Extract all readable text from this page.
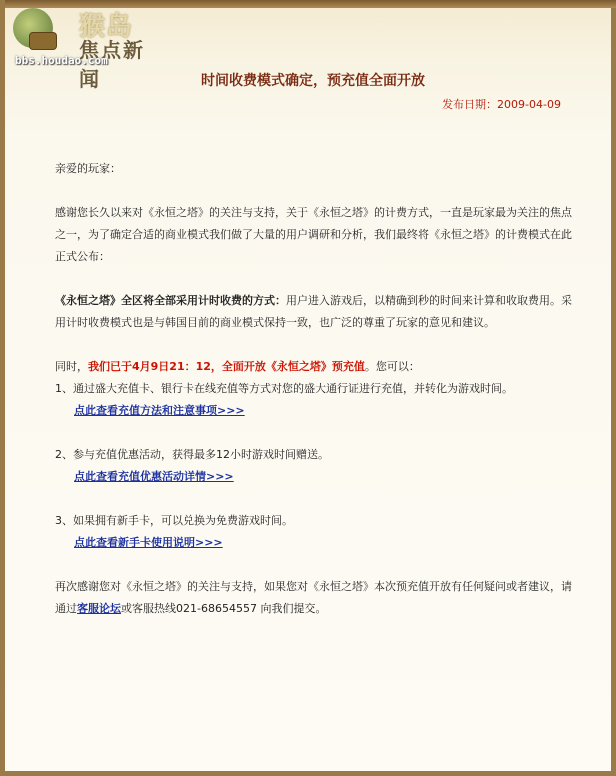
猴岛
焦点新闻
bbs.houdao.com
时间收费模式确定，预充值全面开放
发布日期：2009-04-09

亲爱的玩家：

感谢您长久以来对《永恒之塔》的关注与支持，关于《永恒之塔》的计费方式，一直是玩家最为关注的焦点之一，为了确定合适的商业模式我们做了大量的用户调研和分析，我们最终将《永恒之塔》的计费模式在此正式公布：

《永恒之塔》全区将全部采用计时收费的方式：用户进入游戏后，以精确到秒的时间来计算和收取费用。采用计时收费模式也是与韩国目前的商业模式保持一致，也广泛的尊重了玩家的意见和建议。

同时，我们已于4月9日21：12，全面开放《永恒之塔》预充值。您可以：
1、通过盛大充值卡、银行卡在线充值等方式对您的盛大通行证进行充值，并转化为游戏时间。
点此查看充值方法和注意事项>>>
2、参与充值优惠活动，获得最多12小时游戏时间赠送。
点此查看充值优惠活动详情>>>
3、如果拥有新手卡，可以兑换为免费游戏时间。
点此查看新手卡使用说明>>>

再次感谢您对《永恒之塔》的关注与支持，如果您对《永恒之塔》本次预充值开放有任何疑问或者建议，请通过客服论坛或客服热线021-68654557 向我们提交。
